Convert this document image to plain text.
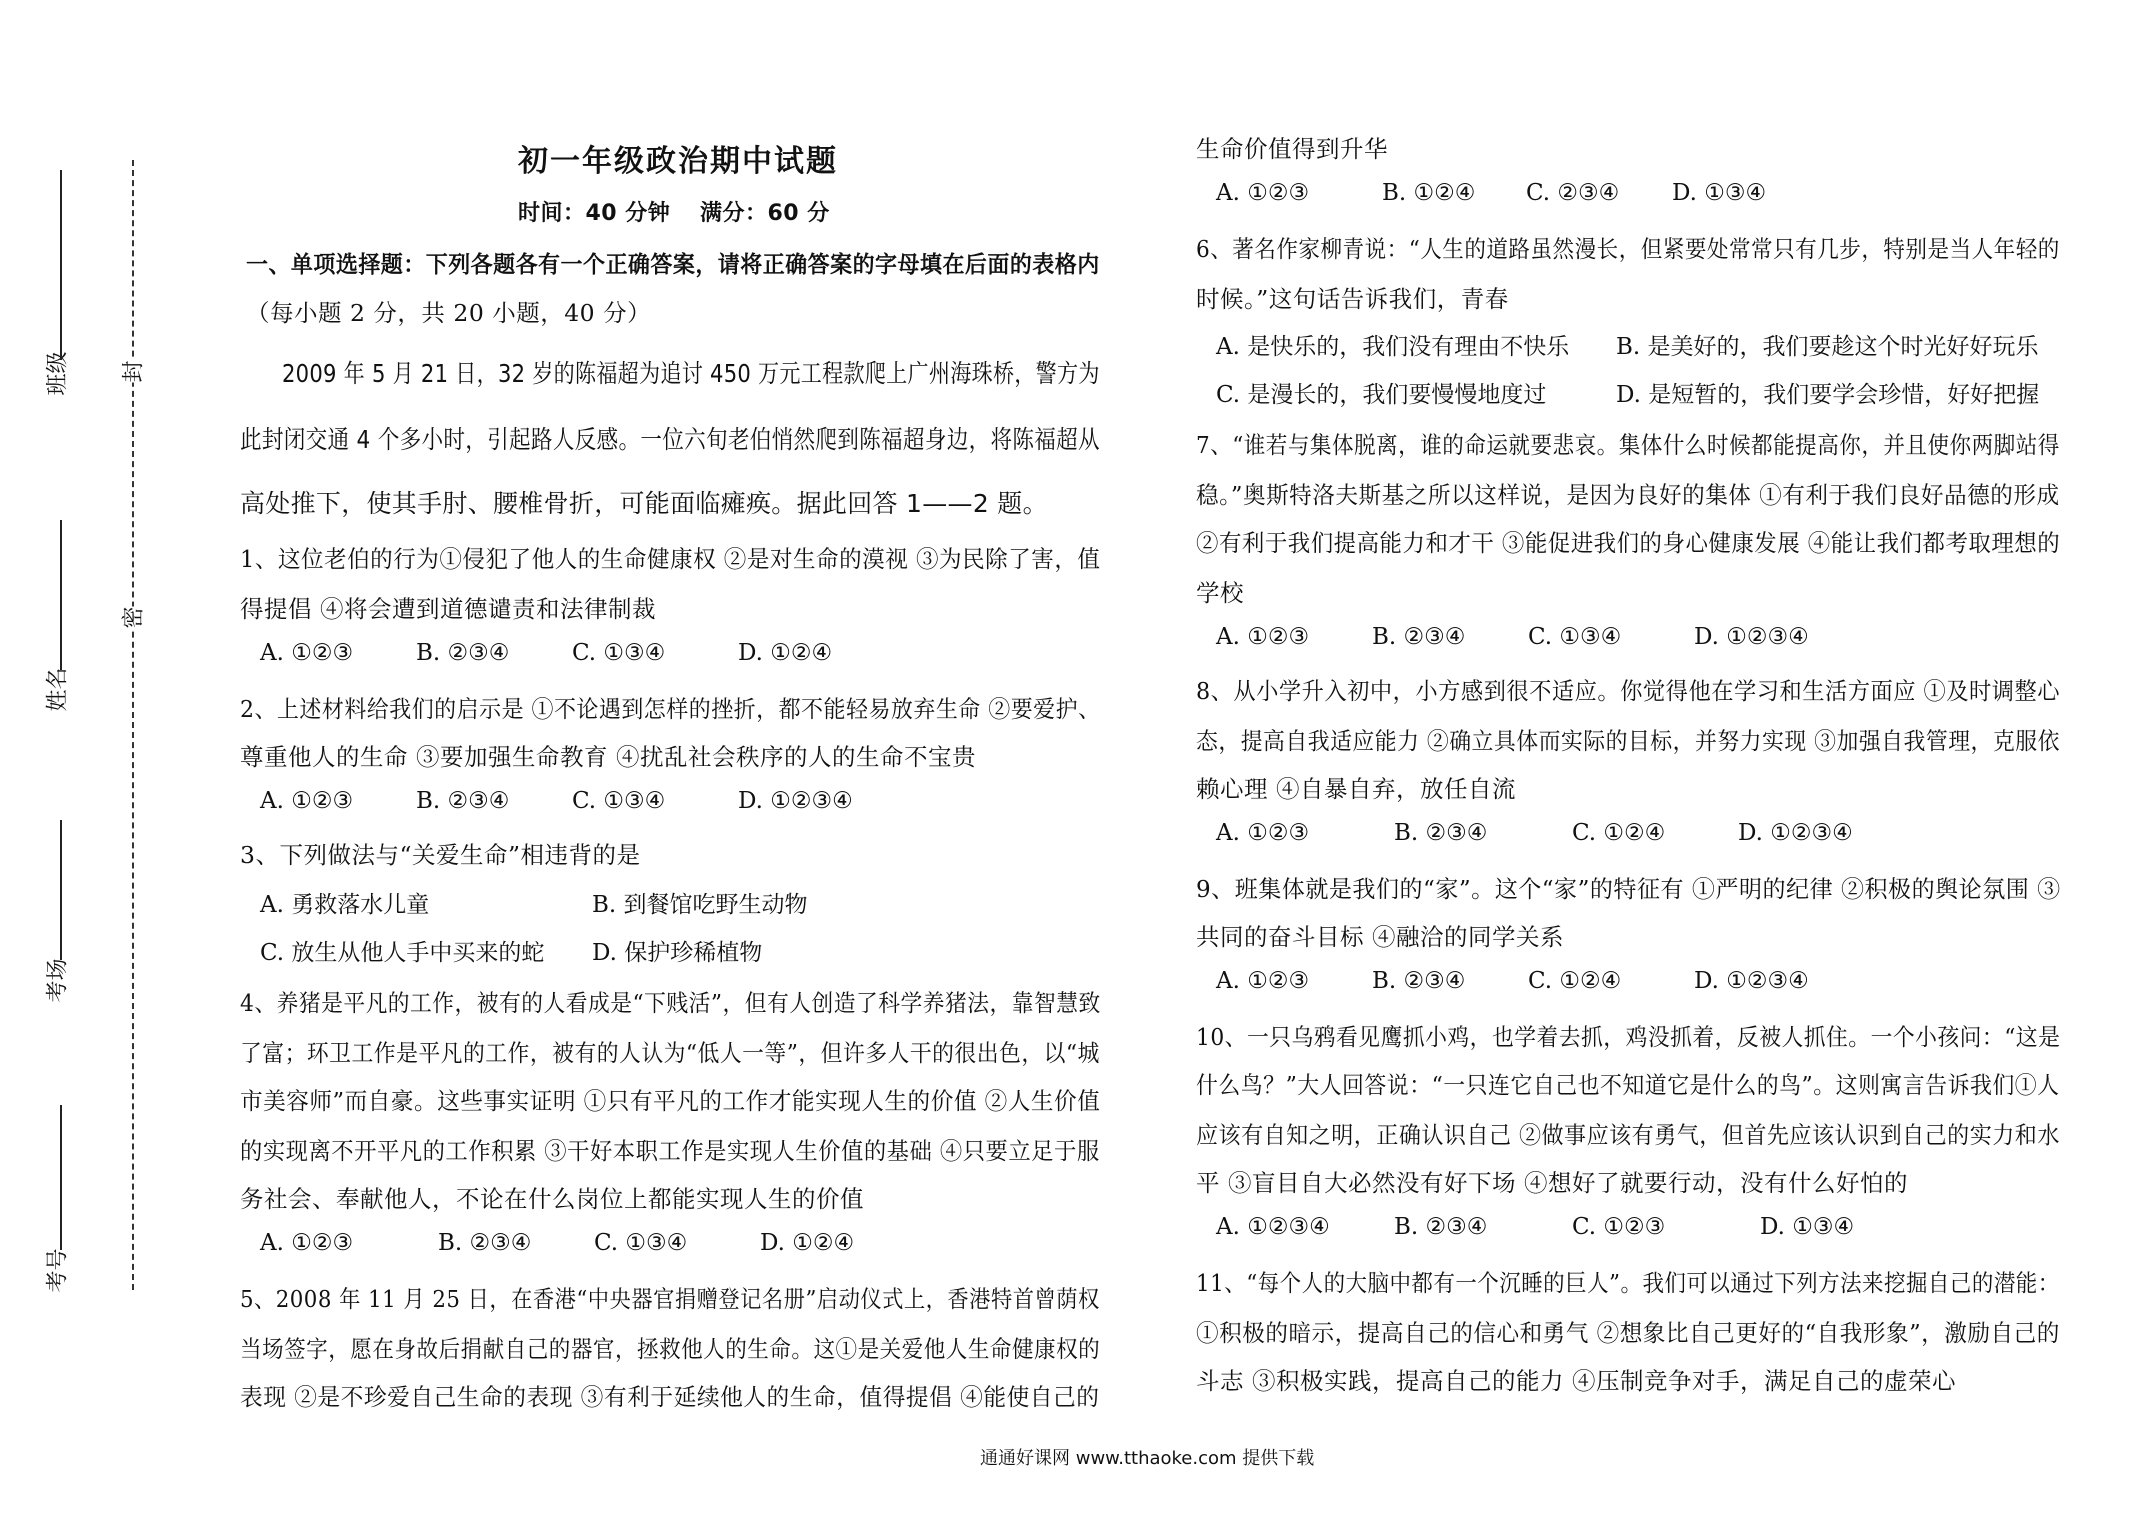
班级
姓名
考场
考号
封
密
初一年级政治期中试题
时间：40 分钟 满分：60 分
一、单项选择题：下列各题各有一个正确答案，请将正确答案的字母填在后面的表格内
（每小题 2 分，共 20 小题，40 分）
2009 年 5 月 21 日，32 岁的陈福超为追讨 450 万元工程款爬上广州海珠桥，警方为
此封闭交通 4 个多小时，引起路人反感。一位六旬老伯悄然爬到陈福超身边，将陈福超从
高处推下，使其手肘、腰椎骨折，可能面临瘫痪。据此回答 1——2 题。
1、这位老伯的行为①侵犯了他人的生命健康权 ②是对生命的漠视 ③为民除了害，值
得提倡 ④将会遭到道德谴责和法律制裁
A. ①②③	B. ②③④	C. ①③④	D. ①②④
2、上述材料给我们的启示是 ①不论遇到怎样的挫折，都不能轻易放弃生命 ②要爱护、
尊重他人的生命 ③要加强生命教育 ④扰乱社会秩序的人的生命不宝贵
A. ①②③	B. ②③④	C. ①③④	D. ①②③④
3、下列做法与“关爱生命”相违背的是
A. 勇救落水儿童	B. 到餐馆吃野生动物
C. 放生从他人手中买来的蛇 D. 保护珍稀植物
4、养猪是平凡的工作，被有的人看成是“下贱活”，但有人创造了科学养猪法，靠智慧致
了富；环卫工作是平凡的工作，被有的人认为“低人一等”，但许多人干的很出色，以“城
市美容师”而自豪。这些事实证明 ①只有平凡的工作才能实现人生的价值 ②人生价值
的实现离不开平凡的工作积累 ③干好本职工作是实现人生价值的基础 ④只要立足于服
务社会、奉献他人，不论在什么岗位上都能实现人生的价值
A. ①②③	B. ②③④	C. ①③④	D. ①②④
5、2008 年 11 月 25 日，在香港“中央器官捐赠登记名册”启动仪式上，香港特首曾荫权
当场签字，愿在身故后捐献自己的器官，拯救他人的生命。这①是关爱他人生命健康权的
表现 ②是不珍爱自己生命的表现 ③有利于延续他人的生命，值得提倡 ④能使自己的
生命价值得到升华
A. ①②③	B. ①②④ C. ②③④ D. ①③④
6、著名作家柳青说：“人生的道路虽然漫长，但紧要处常常只有几步，特别是当人年轻的
时候。”这句话告诉我们，青春
A. 是快乐的，我们没有理由不快乐 B. 是美好的，我们要趁这个时光好好玩乐
C. 是漫长的，我们要慢慢地度过	D. 是短暂的，我们要学会珍惜，好好把握
7、“谁若与集体脱离，谁的命运就要悲哀。集体什么时候都能提高你，并且使你两脚站得
稳。”奥斯特洛夫斯基之所以这样说，是因为良好的集体 ①有利于我们良好品德的形成
②有利于我们提高能力和才干 ③能促进我们的身心健康发展 ④能让我们都考取理想的
学校
A. ①②③	B. ②③④	C. ①③④	D. ①②③④
8、从小学升入初中，小方感到很不适应。你觉得他在学习和生活方面应 ①及时调整心
态，提高自我适应能力 ②确立具体而实际的目标，并努力实现 ③加强自我管理，克服依
赖心理 ④自暴自弃，放任自流
A. ①②③	B. ②③④	C. ①②④	D. ①②③④
9、班集体就是我们的“家”。这个“家”的特征有 ①严明的纪律 ②积极的舆论氛围 ③
共同的奋斗目标 ④融洽的同学关系
A. ①②③	B. ②③④	C. ①②④	D. ①②③④
10、一只乌鸦看见鹰抓小鸡，也学着去抓，鸡没抓着，反被人抓住。一个小孩问：“这是
什么鸟？”大人回答说：“一只连它自己也不知道它是什么的鸟”。这则寓言告诉我们①人
应该有自知之明，正确认识自己 ②做事应该有勇气，但首先应该认识到自己的实力和水
平 ③盲目自大必然没有好下场 ④想好了就要行动，没有什么好怕的
A. ①②③④	B. ②③④	C. ①②③	D. ①③④
11、“每个人的大脑中都有一个沉睡的巨人”。我们可以通过下列方法来挖掘自己的潜能：
①积极的暗示，提高自己的信心和勇气 ②想象比自己更好的“自我形象”，激励自己的
斗志 ③积极实践，提高自己的能力 ④压制竞争对手，满足自己的虚荣心
通通好课网 www.tthaoke.com 提供下载
